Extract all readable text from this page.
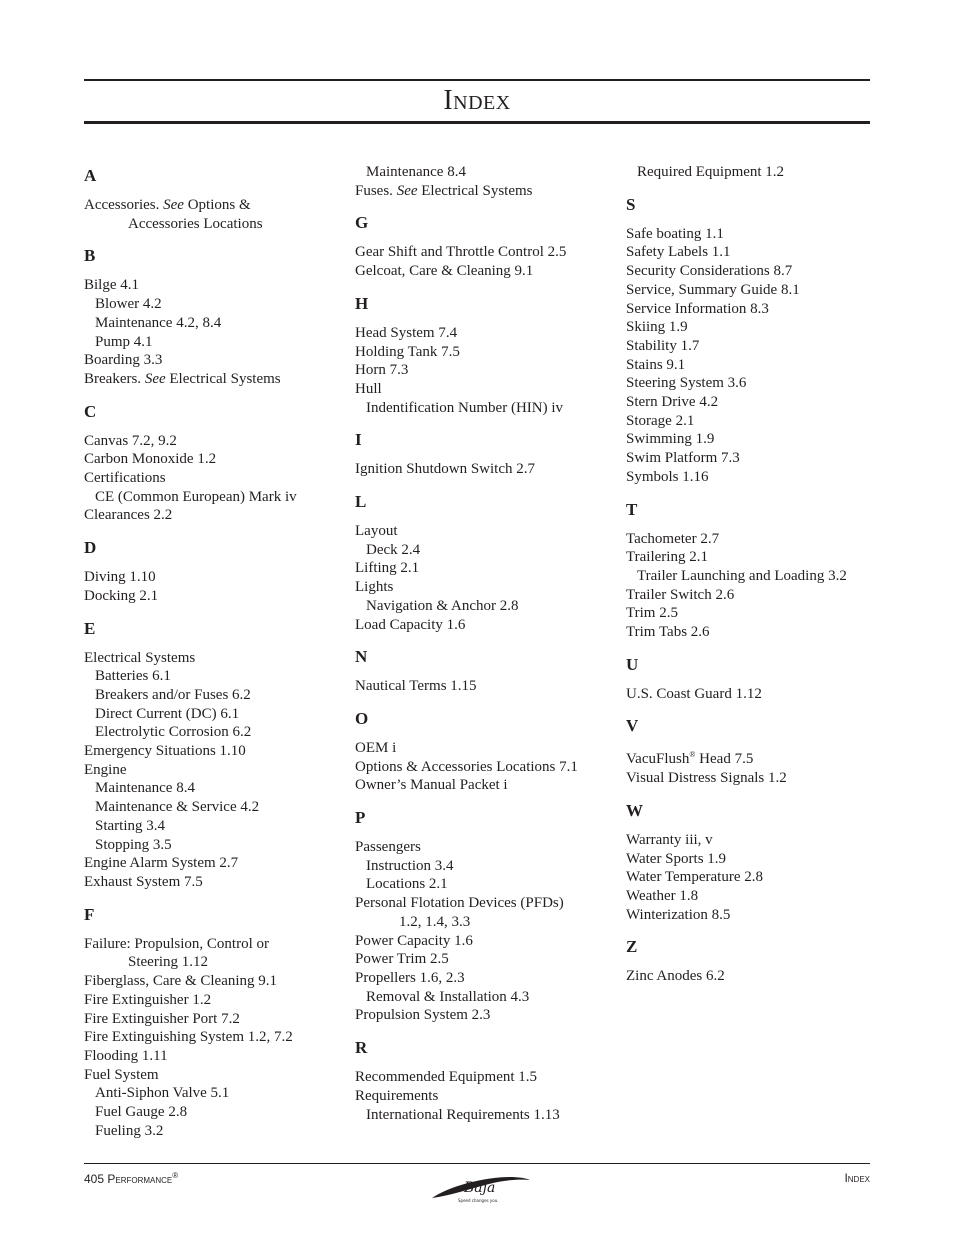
Index
A
Accessories. See Options &
Accessories Locations
B
Bilge 4.1
Blower 4.2
Maintenance 4.2, 8.4
Pump 4.1
Boarding 3.3
Breakers. See Electrical Systems
C
Canvas 7.2, 9.2
Carbon Monoxide 1.2
Certifications
CE (Common European) Mark iv
Clearances 2.2
D
Diving 1.10
Docking 2.1
E
Electrical Systems
Batteries 6.1
Breakers and/or Fuses 6.2
Direct Current (DC) 6.1
Electrolytic Corrosion 6.2
Emergency Situations 1.10
Engine
Maintenance 8.4
Maintenance & Service 4.2
Starting 3.4
Stopping 3.5
Engine Alarm System 2.7
Exhaust System 7.5
F
Failure: Propulsion, Control or
Steering 1.12
Fiberglass, Care & Cleaning 9.1
Fire Extinguisher 1.2
Fire Extinguisher Port 7.2
Fire Extinguishing System 1.2, 7.2
Flooding 1.11
Fuel System
Anti-Siphon Valve 5.1
Fuel Gauge 2.8
Fueling 3.2
Maintenance 8.4
Fuses. See Electrical Systems
G
Gear Shift and Throttle Control 2.5
Gelcoat, Care & Cleaning 9.1
H
Head System 7.4
Holding Tank 7.5
Horn 7.3
Hull
Indentification Number (HIN) iv
I
Ignition Shutdown Switch 2.7
L
Layout
Deck 2.4
Lifting 2.1
Lights
Navigation & Anchor 2.8
Load Capacity 1.6
N
Nautical Terms 1.15
O
OEM i
Options & Accessories Locations 7.1
Owner’s Manual Packet i
P
Passengers
Instruction 3.4
Locations 2.1
Personal Flotation Devices (PFDs)
1.2, 1.4, 3.3
Power Capacity 1.6
Power Trim 2.5
Propellers 1.6, 2.3
Removal & Installation 4.3
Propulsion System 2.3
R
Recommended Equipment 1.5
Requirements
International Requirements 1.13
Required Equipment 1.2
S
Safe boating 1.1
Safety Labels 1.1
Security Considerations 8.7
Service, Summary Guide 8.1
Service Information 8.3
Skiing 1.9
Stability 1.7
Stains 9.1
Steering System 3.6
Stern Drive 4.2
Storage 2.1
Swimming 1.9
Swim Platform 7.3
Symbols 1.16
T
Tachometer 2.7
Trailering 2.1
Trailer Launching and Loading 3.2
Trailer Switch 2.6
Trim 2.5
Trim Tabs 2.6
U
U.S. Coast Guard 1.12
V
VacuFlush® Head 7.5
Visual Distress Signals 1.2
W
Warranty iii, v
Water Sports 1.9
Water Temperature 2.8
Weather 1.8
Winterization 8.5
Z
Zinc Anodes 6.2
405 Performance®	Index
Baja
Speed changes you.
